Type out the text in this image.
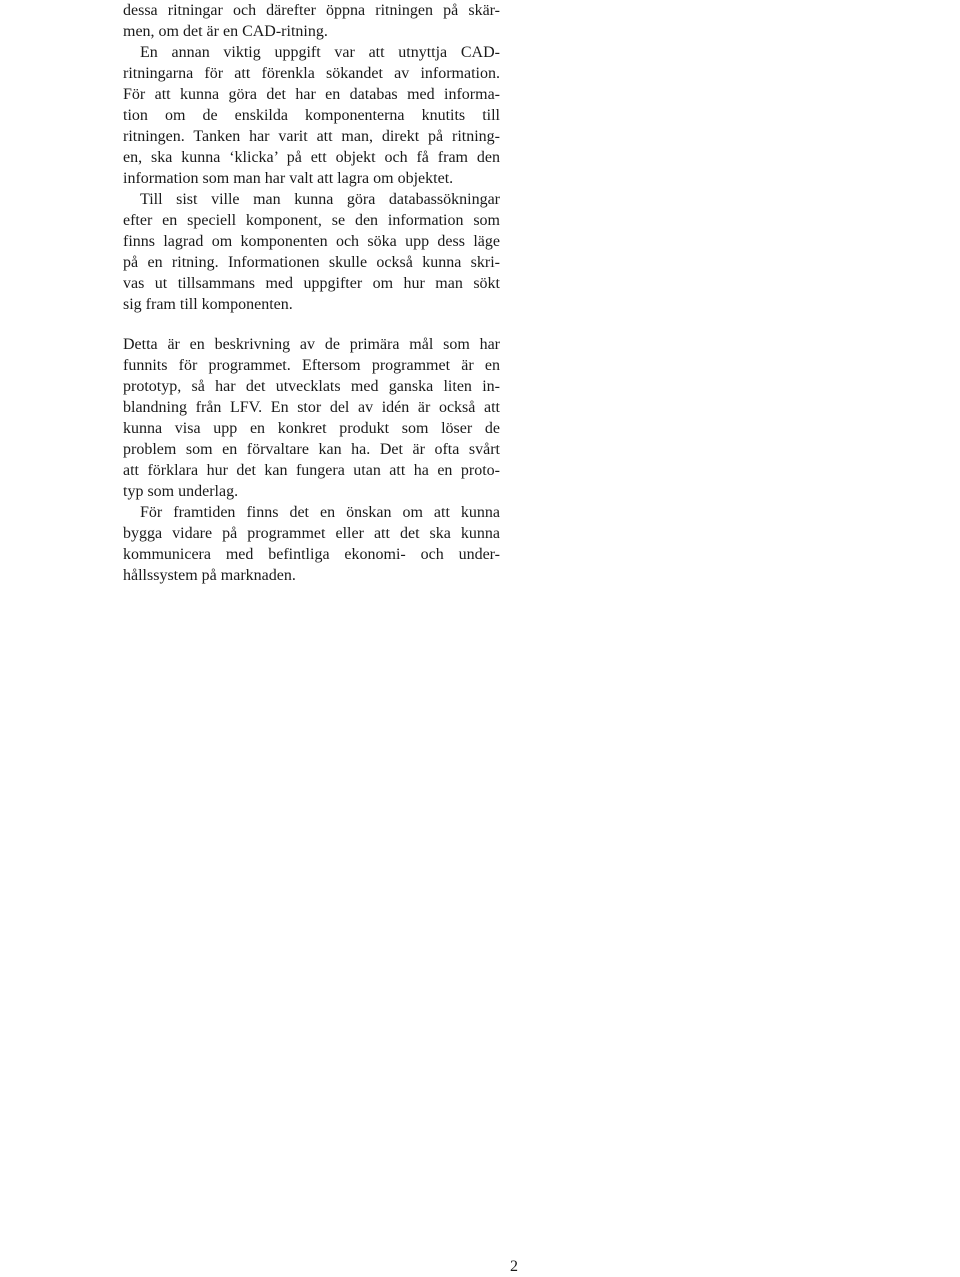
dessa ritningar och därefter öppna ritningen på skär-
men, om det är en CAD-ritning.
En annan viktig uppgift var att utnyttja CAD-
ritningarna för att förenkla sökandet av information.
För att kunna göra det har en databas med informa-
tion om de enskilda komponenterna knutits till
ritningen. Tanken har varit att man, direkt på ritning-
en, ska kunna ‘klicka’ på ett objekt och få fram den
information som man har valt att lagra om objektet.
Till sist ville man kunna göra databassökningar
efter en speciell komponent, se den information som
finns lagrad om komponenten och söka upp dess läge
på en ritning. Informationen skulle också kunna skri-
vas ut tillsammans med uppgifter om hur man sökt
sig fram till komponenten.
Detta är en beskrivning av de primära mål som har
funnits för programmet. Eftersom programmet är en
prototyp, så har det utvecklats med ganska liten in-
blandning från LFV. En stor del av idén är också att
kunna visa upp en konkret produkt som löser de
problem som en förvaltare kan ha. Det är ofta svårt
att förklara hur det kan fungera utan att ha en proto-
typ som underlag.
För framtiden finns det en önskan om att kunna
bygga vidare på programmet eller att det ska kunna
kommunicera med befintliga ekonomi- och under-
hållssystem på marknaden.
2
